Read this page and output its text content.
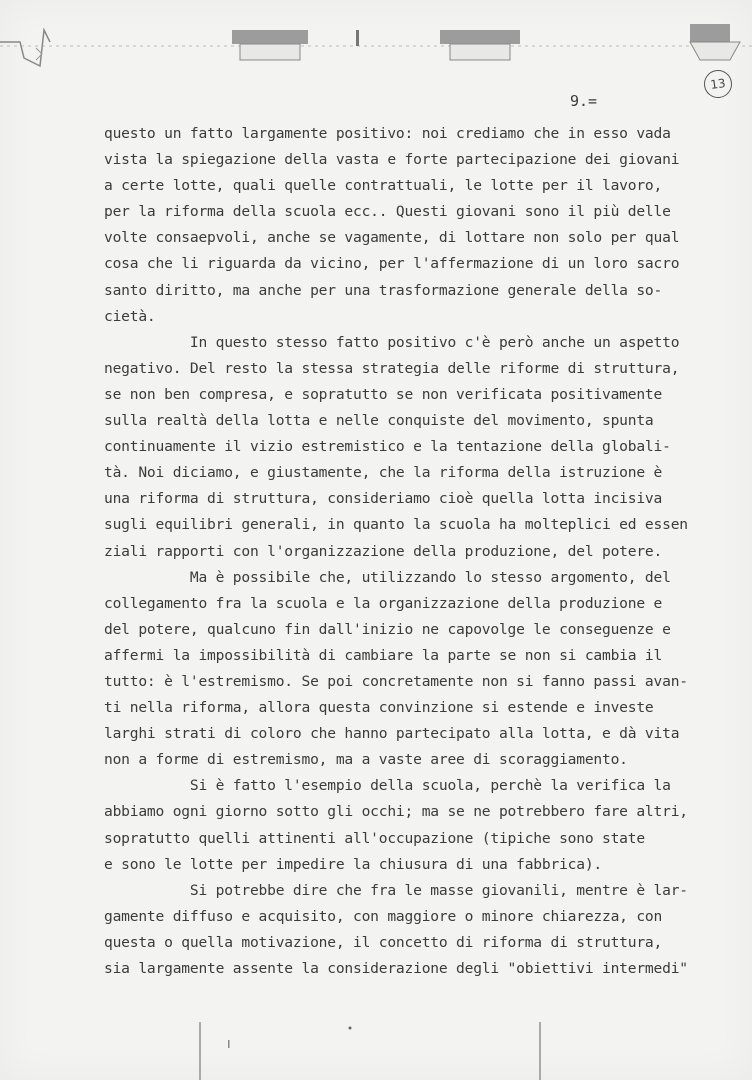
9.=
13
questo un fatto largamente positivo: noi crediamo che in esso vada
vista la spiegazione della vasta e forte partecipazione dei giovani
a certe lotte, quali quelle contrattuali, le lotte per il lavoro,
per la riforma della scuola ecc.. Questi giovani sono il più delle
volte consaepvoli, anche se vagamente, di lottare non solo per qual
cosa che li riguarda da vicino, per l'affermazione di un loro sacro
santo diritto, ma anche per una trasformazione generale della so-
cietà.
In questo stesso fatto positivo c'è però anche un aspetto
negativo. Del resto la stessa strategia delle riforme di struttura,
se non ben compresa, e sopratutto se non verificata positivamente
sulla realtà della lotta e nelle conquiste del movimento, spunta
continuamente il vizio estremistico e la tentazione della globali-
tà. Noi diciamo, e giustamente, che la riforma della istruzione è
una riforma di struttura, consideriamo cioè quella lotta incisiva
sugli equilibri generali, in quanto la scuola ha molteplici ed essen
ziali rapporti con l'organizzazione della produzione, del potere.
Ma è possibile che, utilizzando lo stesso argomento, del
collegamento fra la scuola e la organizzazione della produzione e
del potere, qualcuno fin dall'inizio ne capovolge le conseguenze e
affermi la impossibilità di cambiare la parte se non si cambia il
tutto: è l'estremismo. Se poi concretamente non si fanno passi avan-
ti nella riforma, allora questa convinzione si estende e investe
larghi strati di coloro che hanno partecipato alla lotta, e dà vita
non a forme di estremismo, ma a vaste aree di scoraggiamento.
Si è fatto l'esempio della scuola, perchè la verifica la
abbiamo ogni giorno sotto gli occhi; ma se ne potrebbero fare altri,
sopratutto quelli attinenti all'occupazione (tipiche sono state
e sono le lotte per impedire la chiusura di una fabbrica).
Si potrebbe dire che fra le masse giovanili, mentre è lar-
gamente diffuso e acquisito, con maggiore o minore chiarezza, con
questa o quella motivazione, il concetto di riforma di struttura,
sia largamente assente la considerazione degli "obiettivi intermedi"
